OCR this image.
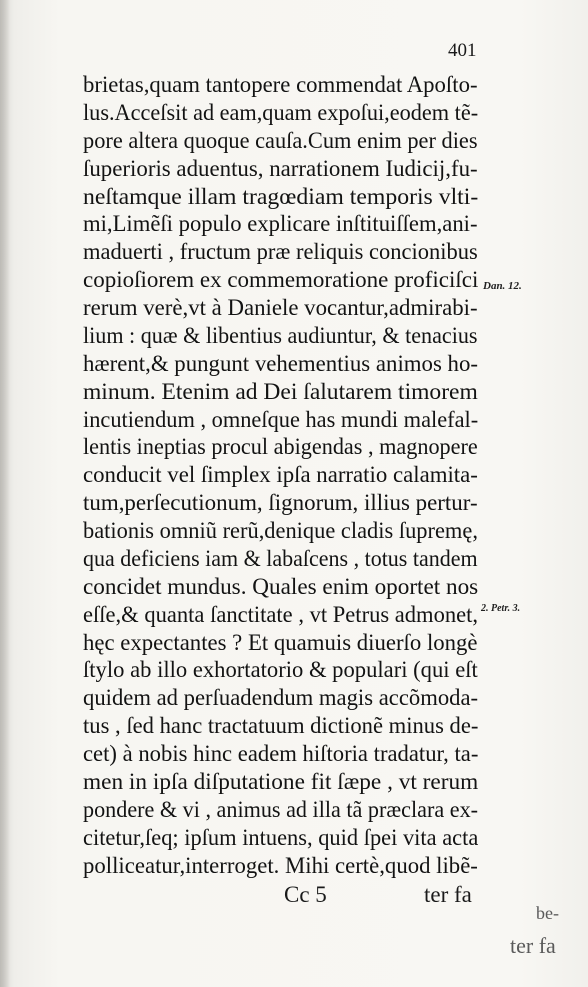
401
brietas,quam tantopere commendat Apoſto-
lus.Acceſsit ad eam,quam expoſui,eodem tẽ-
pore altera quoque cauſa.Cum enim per dies
ſuperioris aduentus, narrationem Iudicij,fu-
neſtamque illam tragœdiam temporis vlti-
mi,Limẽſi populo explicare inſtituiſſem,ani-
maduerti , fructum præ reliquis concionibus
copioſiorem ex commemoratione proficiſci
rerum verè,vt à Daniele vocantur,admirabi-
lium : quæ & libentius audiuntur, & tenacius
hærent,& pungunt vehementius animos ho-
minum. Etenim ad Dei ſalutarem timorem
incutiendum , omneſque has mundi malefal-
lentis ineptias procul abigendas , magnopere
conducit vel ſimplex ipſa narratio calamita-
tum,perſecutionum, ſignorum, illius pertur-
bationis omniũ rerũ,denique cladis ſupremę,
qua deficiens iam & labaſcens , totus tandem
concidet mundus. Quales enim oportet nos
eſſe,& quanta ſanctitate , vt Petrus admonet,
hęc expectantes ? Et quamuis diuerſo longè
ſtylo ab illo exhortatorio & populari (qui eſt
quidem ad perſuadendum magis accõmoda-
tus , ſed hanc tractatuum dictionẽ minus de-
cet) à nobis hinc eadem hiſtoria tradatur, ta-
men in ipſa diſputatione fit ſæpe , vt rerum
pondere & vi , animus ad illa tã præclara ex-
citetur,ſeq; ipſum intuens, quid ſpei vita acta
polliceatur,interroget. Mihi certè,quod libẽ-
Dan. 12.
2. Petr. 3.
Cc 5	ter fa
be-
ter fa
